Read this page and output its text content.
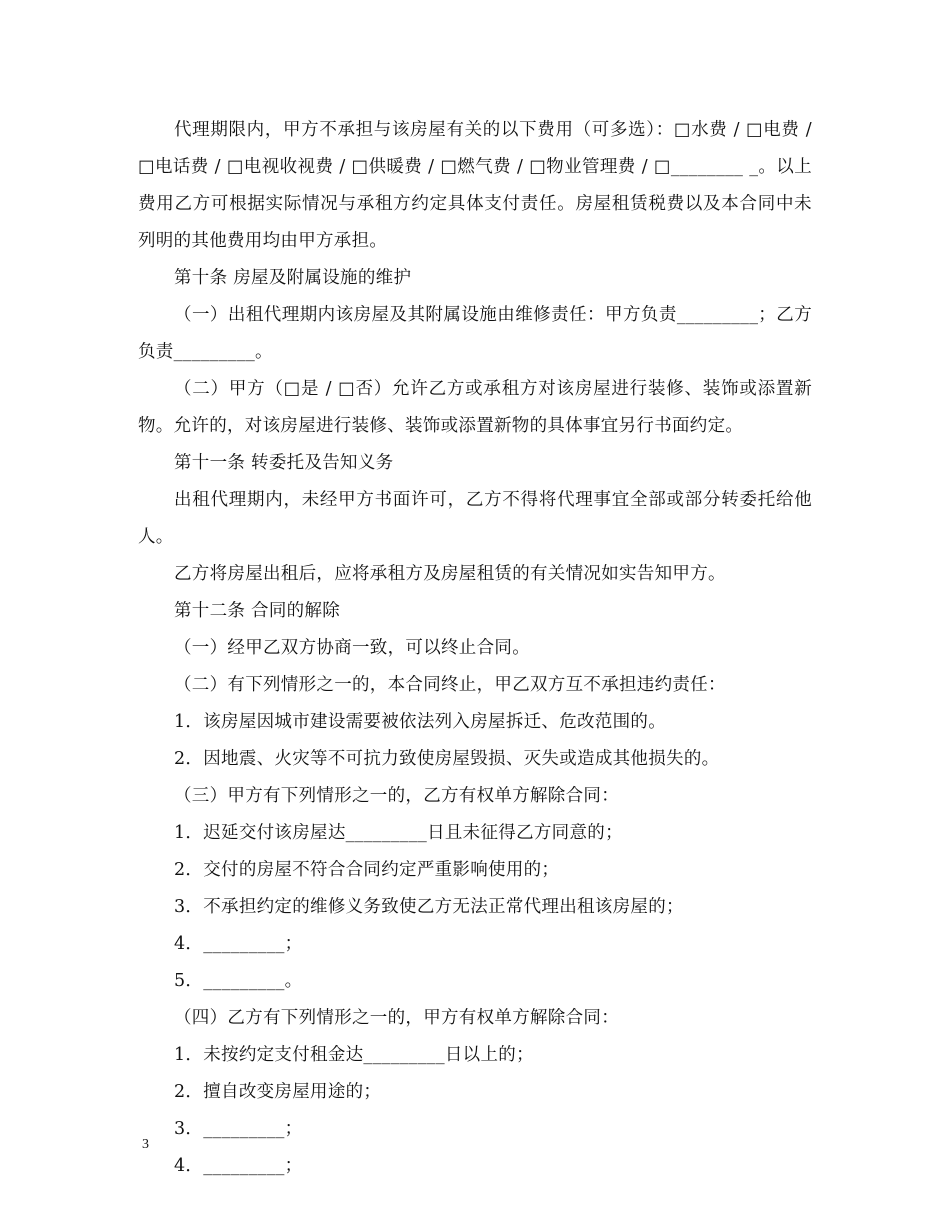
代理期限内，甲方不承担与该房屋有关的以下费用（可多选）：□水费 / □电费 / □电话费 / □电视收视费 / □供暖费 / □燃气费 / □物业管理费 / □________ _。以上费用乙方可根据实际情况与承租方约定具体支付责任。房屋租赁税费以及本合同中未列明的其他费用均由甲方承担。

第十条 房屋及附属设施的维护

（一）出租代理期内该房屋及其附属设施由维修责任：甲方负责_________；乙方负责_________。

（二）甲方（□是 / □否）允许乙方或承租方对该房屋进行装修、装饰或添置新物。允许的，对该房屋进行装修、装饰或添置新物的具体事宜另行书面约定。

第十一条 转委托及告知义务

出租代理期内，未经甲方书面许可，乙方不得将代理事宜全部或部分转委托给他人。

乙方将房屋出租后，应将承租方及房屋租赁的有关情况如实告知甲方。

第十二条 合同的解除

（一）经甲乙双方协商一致，可以终止合同。

（二）有下列情形之一的，本合同终止，甲乙双方互不承担违约责任：

1．该房屋因城市建设需要被依法列入房屋拆迁、危改范围的。

2．因地震、火灾等不可抗力致使房屋毁损、灭失或造成其他损失的。

（三）甲方有下列情形之一的，乙方有权单方解除合同：

1．迟延交付该房屋达_________日且未征得乙方同意的；

2．交付的房屋不符合合同约定严重影响使用的；

3．不承担约定的维修义务致使乙方无法正常代理出租该房屋的；

4．_________；

5．_________。

（四）乙方有下列情形之一的，甲方有权单方解除合同：

1．未按约定支付租金达_________日以上的；

2．擅自改变房屋用途的；

3．_________；

4．_________；

3
